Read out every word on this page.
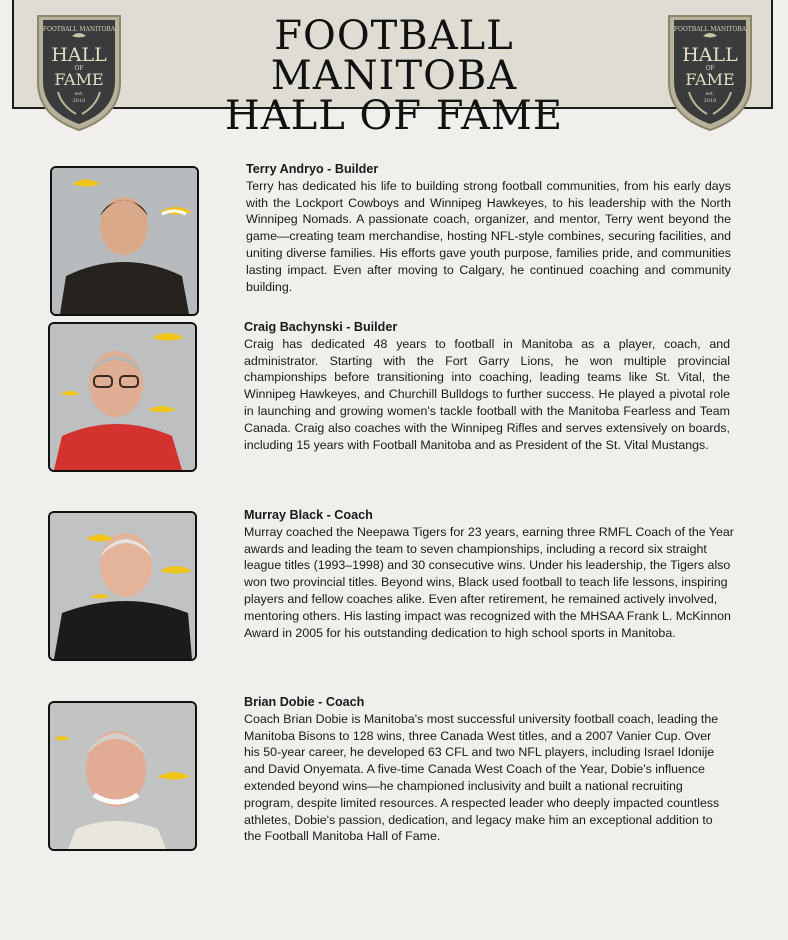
FOOTBALL MANITOBA
HALL OF FAME
FOOTBALL MANITOBA
HALL
OF
FAME
est.
2010
FOOTBALL MANITOBA
HALL
OF
FAME
est.
2010
Terry Andryo - Builder
Terry has dedicated his life to building strong football communities, from his early days with the Lockport Cowboys and Winnipeg Hawkeyes, to his leadership with the North Winnipeg Nomads. A passionate coach, organizer, and mentor, Terry went beyond the game—creating team merchandise, hosting NFL-style combines, securing facilities, and uniting diverse families. His efforts gave youth purpose, families pride, and communities lasting impact. Even after moving to Calgary, he continued coaching and community building.
Craig Bachynski - Builder
Craig has dedicated 48 years to football in Manitoba as a player, coach, and administrator. Starting with the Fort Garry Lions, he won multiple provincial championships before transitioning into coaching, leading teams like St. Vital, the Winnipeg Hawkeyes, and Churchill Bulldogs to further success. He played a pivotal role in launching and growing women's tackle football with the Manitoba Fearless and Team Canada. Craig also coaches with the Winnipeg Rifles and serves extensively on boards, including 15 years with Football Manitoba and as President of the St. Vital Mustangs.
Murray Black - Coach
Murray coached the Neepawa Tigers for 23 years, earning three RMFL Coach of the Year awards and leading the team to seven championships, including a record six straight league titles (1993–1998) and 30 consecutive wins. Under his leadership, the Tigers also won two provincial titles. Beyond wins, Black used football to teach life lessons, inspiring players and fellow coaches alike. Even after retirement, he remained actively involved, mentoring others. His lasting impact was recognized with the MHSAA Frank L. McKinnon Award in 2005 for his outstanding dedication to high school sports in Manitoba.
Brian Dobie - Coach
Coach Brian Dobie is Manitoba's most successful university football coach, leading the Manitoba Bisons to 128 wins, three Canada West titles, and a 2007 Vanier Cup. Over his 50-year career, he developed 63 CFL and two NFL players, including Israel Idonije and David Onyemata. A five-time Canada West Coach of the Year, Dobie's influence extended beyond wins—he championed inclusivity and built a national recruiting program, despite limited resources. A respected leader who deeply impacted countless athletes, Dobie's passion, dedication, and legacy make him an exceptional addition to the Football Manitoba Hall of Fame.
